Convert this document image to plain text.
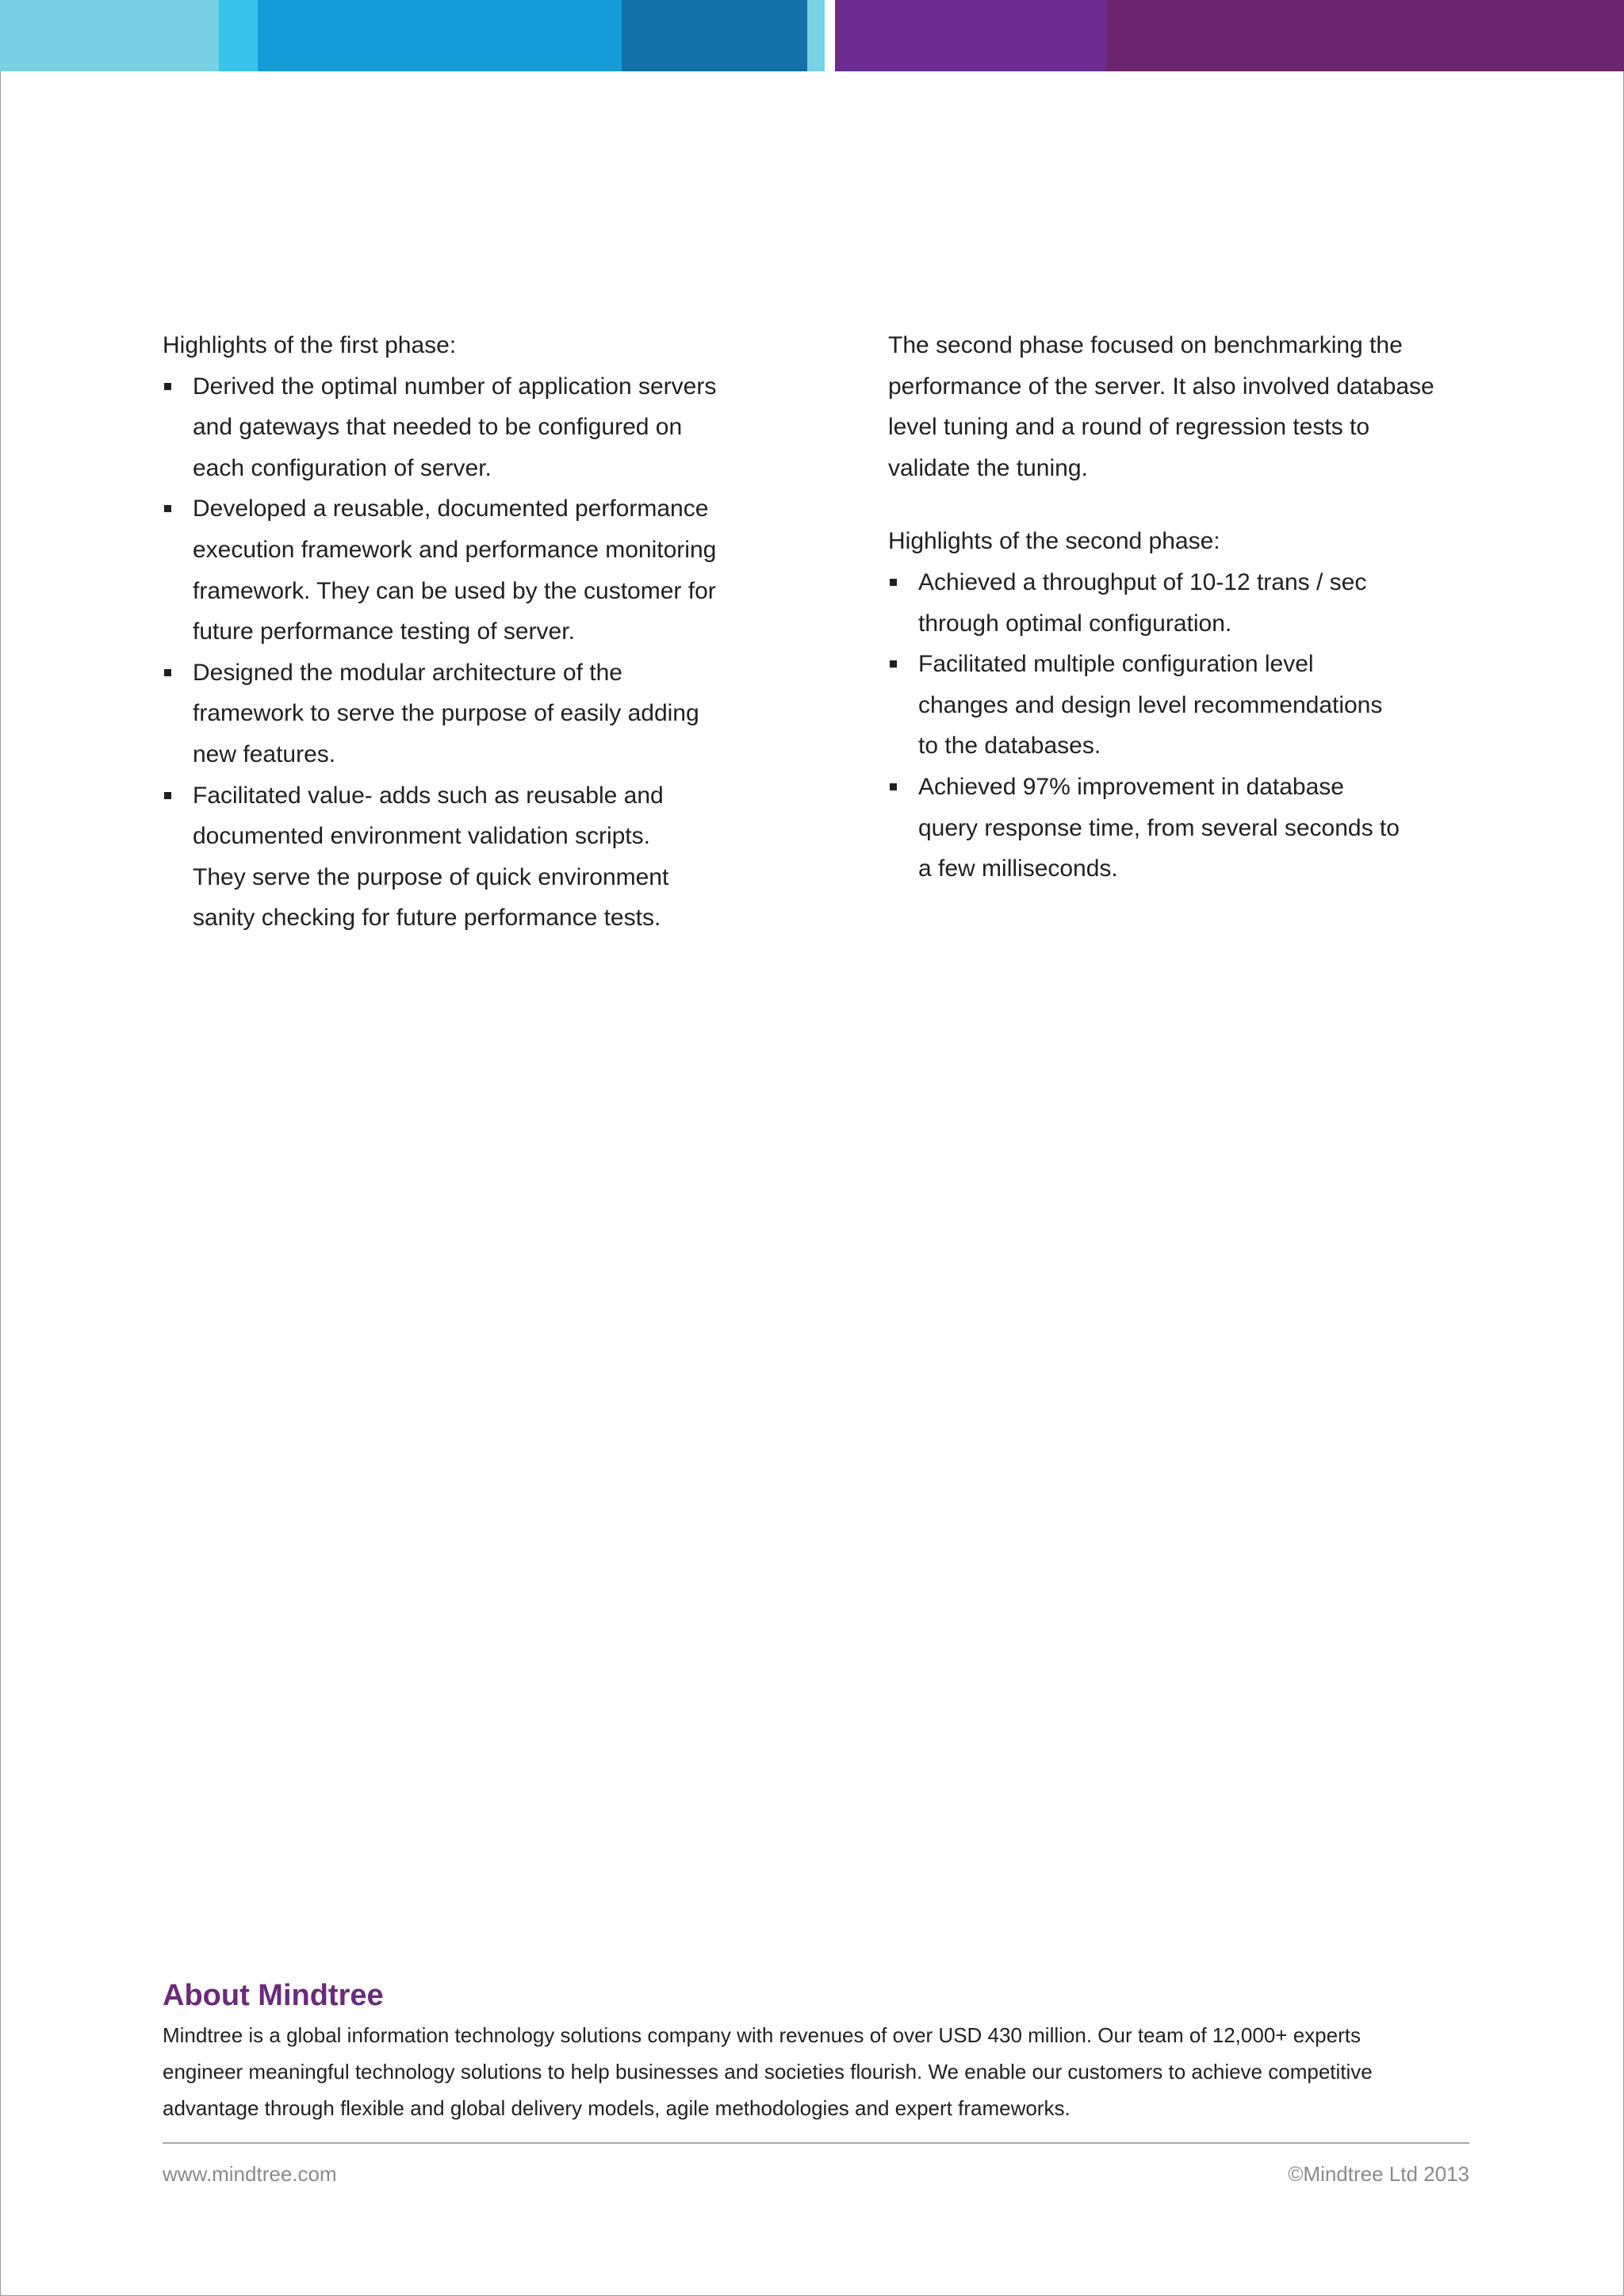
Highlights of the first phase:

Derived the optimal number of application servers
and gateways that needed to be configured on
each configuration of server.
Developed a reusable, documented performance
execution framework and performance monitoring
framework. They can be used by the customer for
future performance testing of server.
Designed the modular architecture of the
framework to serve the purpose of easily adding
new features.
Facilitated value- adds such as reusable and
documented environment validation scripts.
They serve the purpose of quick environment
sanity checking for future performance tests.
The second phase focused on benchmarking the
performance of the server. It also involved database
level tuning and a round of regression tests to
validate the tuning.

Highlights of the second phase:

Achieved a throughput of 10-12 trans / sec
through optimal configuration.
Facilitated multiple configuration level
changes and design level recommendations
to the databases.
Achieved 97% improvement in database
query response time, from several seconds to
a few milliseconds.
About Mindtree
Mindtree is a global information technology solutions company with revenues of over USD 430 million. Our team of 12,000+ experts
engineer meaningful technology solutions to help businesses and societies flourish. We enable our customers to achieve competitive
advantage through flexible and global delivery models, agile methodologies and expert frameworks.
www.mindtree.com	©Mindtree Ltd 2013
